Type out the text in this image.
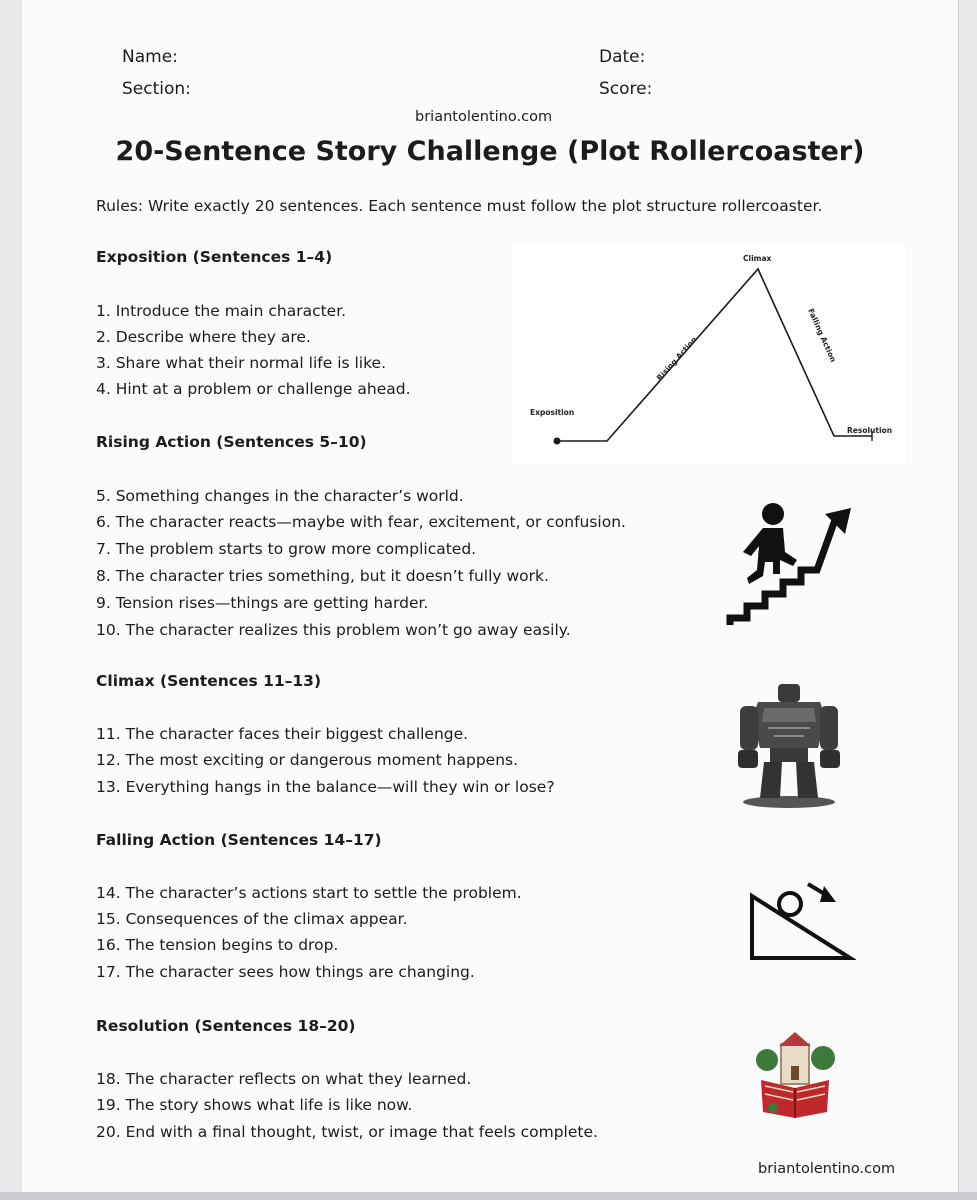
Name:	Date:
Section:	Score:
briantolentino.com
20-Sentence Story Challenge (Plot Rollercoaster)
Rules: Write exactly 20 sentences. Each sentence must follow the plot structure rollercoaster.
Exposition (Sentences 1–4)
1. Introduce the main character.
2. Describe where they are.
3. Share what their normal life is like.
4. Hint at a problem or challenge ahead.
Rising Action (Sentences 5–10)
5. Something changes in the character’s world.
6. The character reacts—maybe with fear, excitement, or confusion.
7. The problem starts to grow more complicated.
8. The character tries something, but it doesn’t fully work.
9. Tension rises—things are getting harder.
10. The character realizes this problem won’t go away easily.
Climax (Sentences 11–13)
11. The character faces their biggest challenge.
12. The most exciting or dangerous moment happens.
13. Everything hangs in the balance—will they win or lose?
Falling Action (Sentences 14–17)
14. The character’s actions start to settle the problem.
15. Consequences of the climax appear.
16. The tension begins to drop.
17. The character sees how things are changing.
Resolution (Sentences 18–20)
18. The character reflects on what they learned.
19. The story shows what life is like now.
20. End with a final thought, twist, or image that feels complete.
briantolentino.com
Climax
Rising Action	Falling Action
Exposition
Resolution
